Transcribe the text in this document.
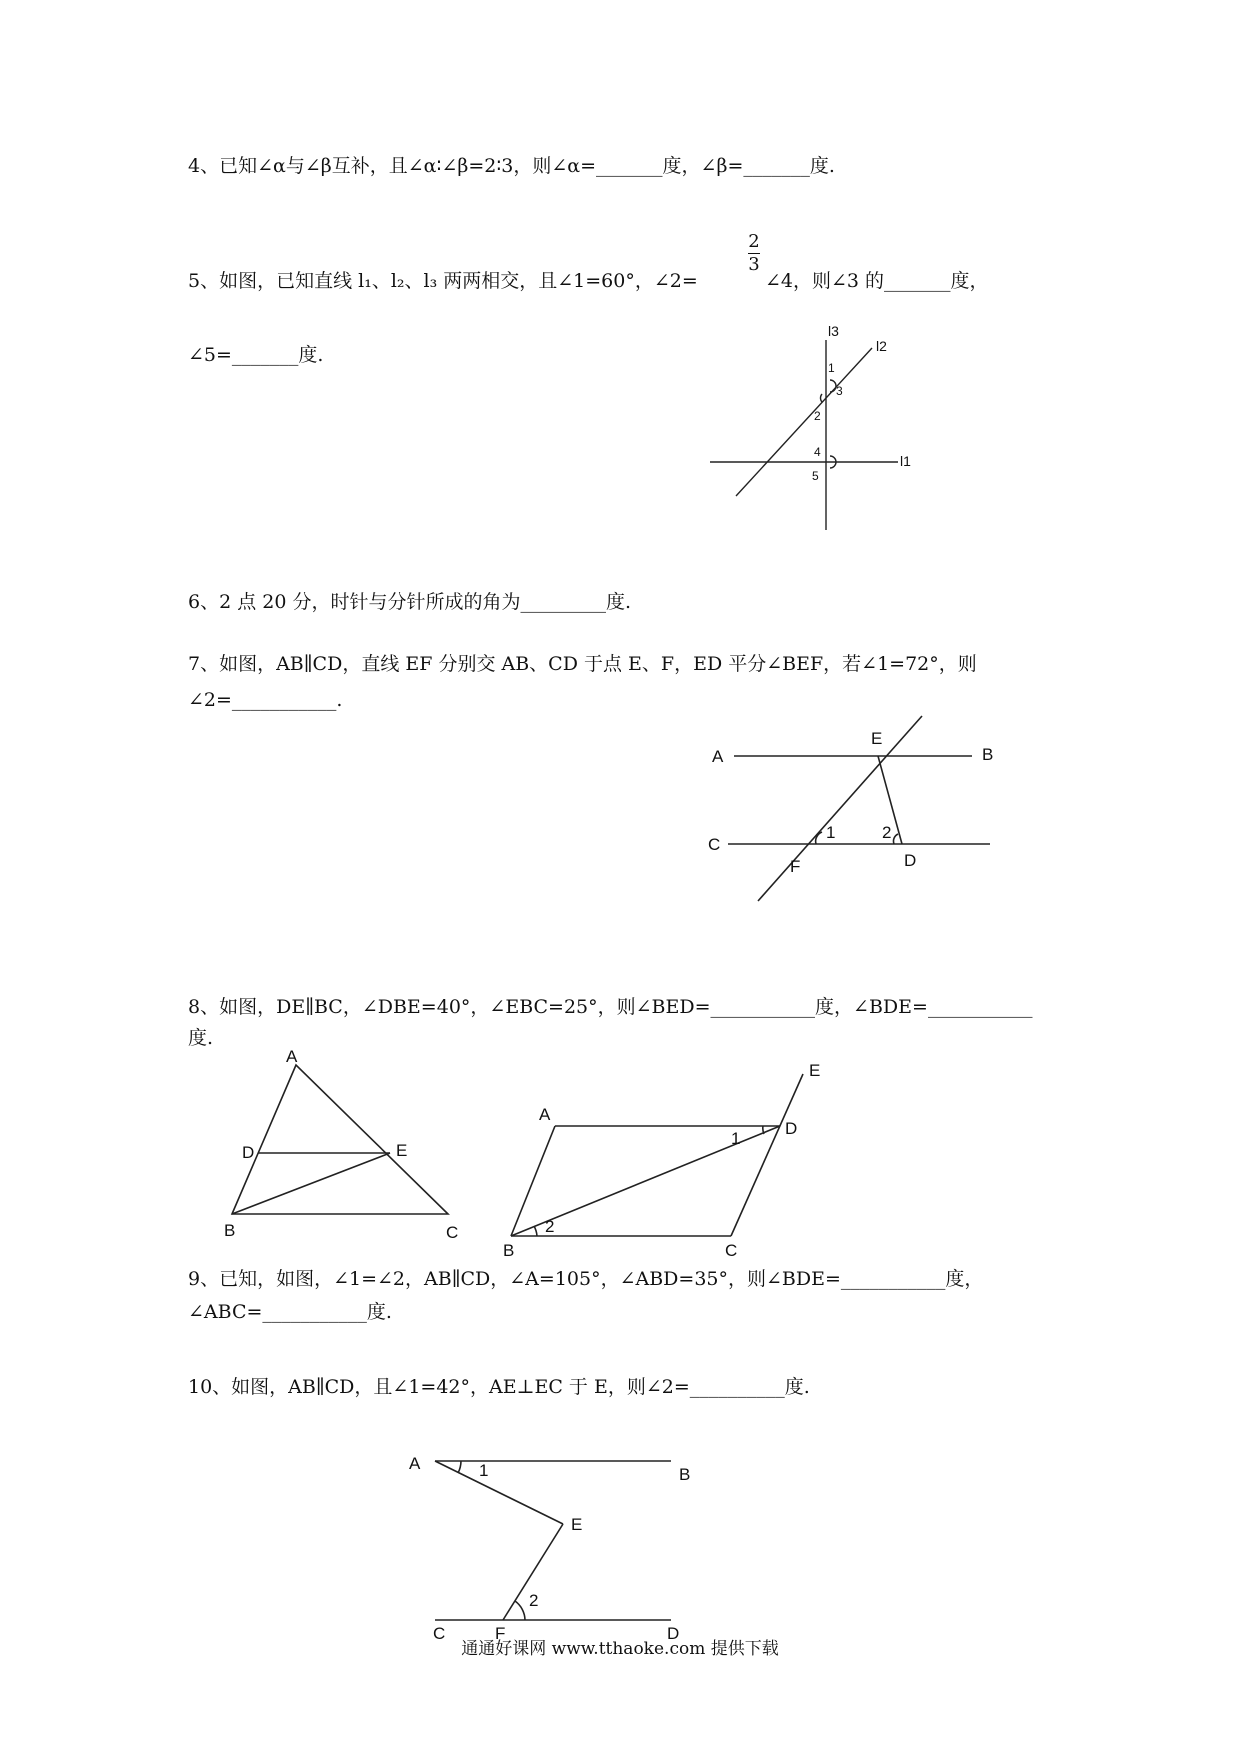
4、已知∠α与∠β互补，且∠α∶∠β=2∶3，则∠α=_______度，∠β=_______度.
5、如图，已知直线 l₁、l₂、l₃ 两两相交，且∠1=60°，∠2=
2
3
∠4，则∠3 的_______度，
∠5=_______度.
l3
l2
l1
1
2
3
4
5
6、2 点 20 分，时针与分针所成的角为_________度.
7、如图，AB∥CD，直线 EF 分别交 AB、CD 于点 E、F，ED 平分∠BEF，若∠1=72°，则
∠2=___________.
A	B
C
D
E
F
1	2
8、如图，DE∥BC，∠DBE=40°，∠EBC=25°，则∠BED=___________度，∠BDE=___________
度.
A
B	C
D	E
A
B	C
D
E
1
2
9、已知，如图，∠1=∠2，AB∥CD，∠A=105°，∠ABD=35°，则∠BDE=___________度，
∠ABC=___________度.
10、如图，AB∥CD，且∠1=42°，AE⊥EC 于 E，则∠2=__________度.
A
B
C	D
E
F
1
2
通通好课网 www.tthaoke.com 提供下载
